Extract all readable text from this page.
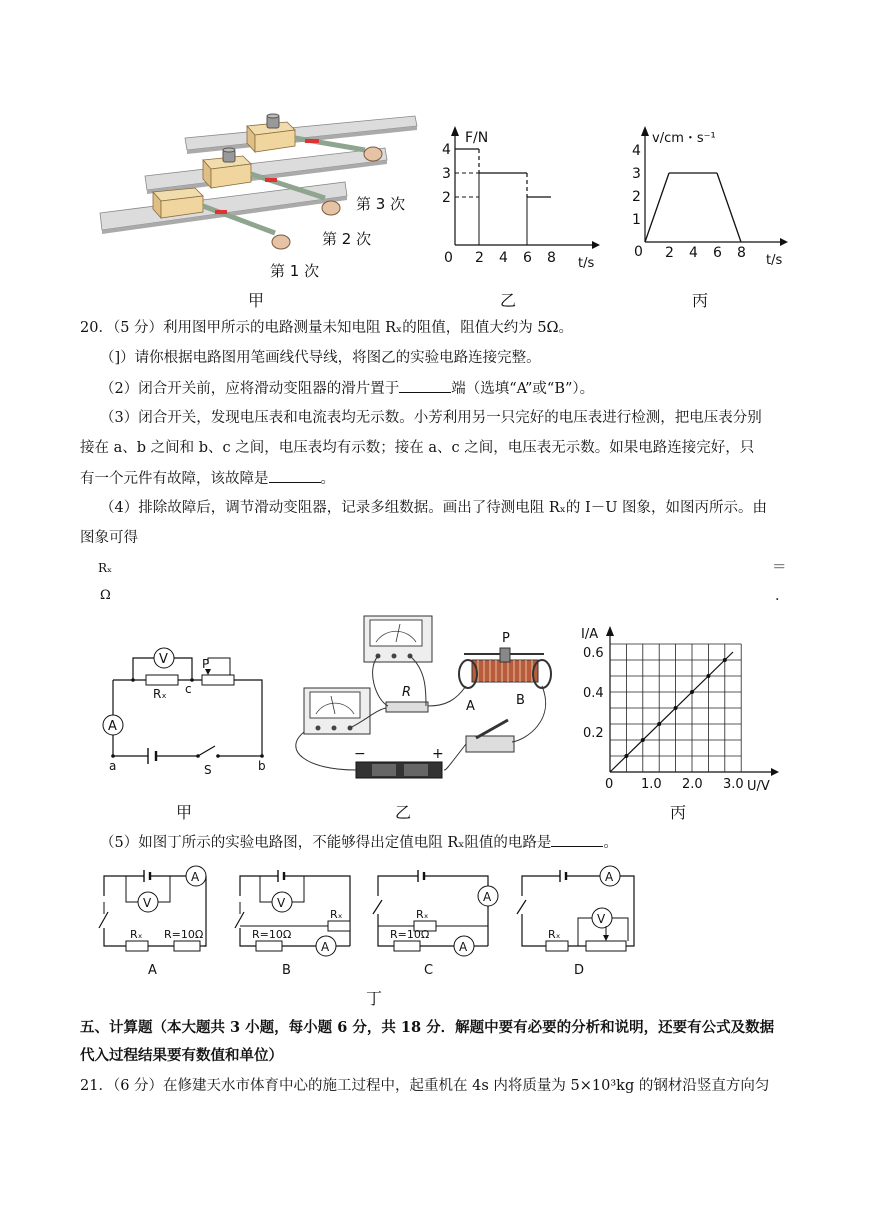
第 3 次
第 2 次
第 1 次
甲
F/N
t/s
0 2 4 6 8
2
3
4
乙
v/cm・s⁻¹
t/s
0 2 4 6 8
1
2
3
4
丙
20．（5 分）利用图甲所示的电路测量未知电阻 Rₓ的阻值，阻值大约为 5Ω。
（]）请你根据电路图用笔画线代导线，将图乙的实验电路连接完整。
（2）闭合开关前，应将滑动变阻器的滑片置于	端（选填“A”或“B”）。
（3）闭合开关，发现电压表和电流表均无示数。小芳利用另一只完好的电压表进行检测，把电压表分别
接在 a、b 之间和 b、c 之间，电压表均有示数；接在 a、c 之间，电压表无示数。如果电路连接完好，只
有一个元件有故障，该故障是	。
（4）排除故障后，调节滑动变阻器，记录多组数据。画出了待测电阻 Rₓ的 I－U 图象，如图丙所示。由
图象可得
Rₓ	＝
Ω	．
V
A
Rₓ
P
c
a	S	b
甲
R
P
A	B
−	+
乙
I/A
U/V
0 1.0 2.0 3.0
0.2
0.4
0.6
丙
（5）如图丁所示的实验电路图，不能够得出定值电阻 Rₓ阻值的电路是	。
A
V
Rₓ R=10Ω
A
V
A
Rₓ
R=10Ω
B
A
A
Rₓ
R=10Ω
C
A
V
Rₓ
D
丁
五、计算题（本大题共 3 小题，每小题 6 分，共 18 分．解题中要有必要的分析和说明，还要有公式及数据
代入过程结果要有数值和单位）
21．（6 分）在修建天水市体育中心的施工过程中，起重机在 4s 内将质量为 5×10³kg 的钢材沿竖直方向匀
